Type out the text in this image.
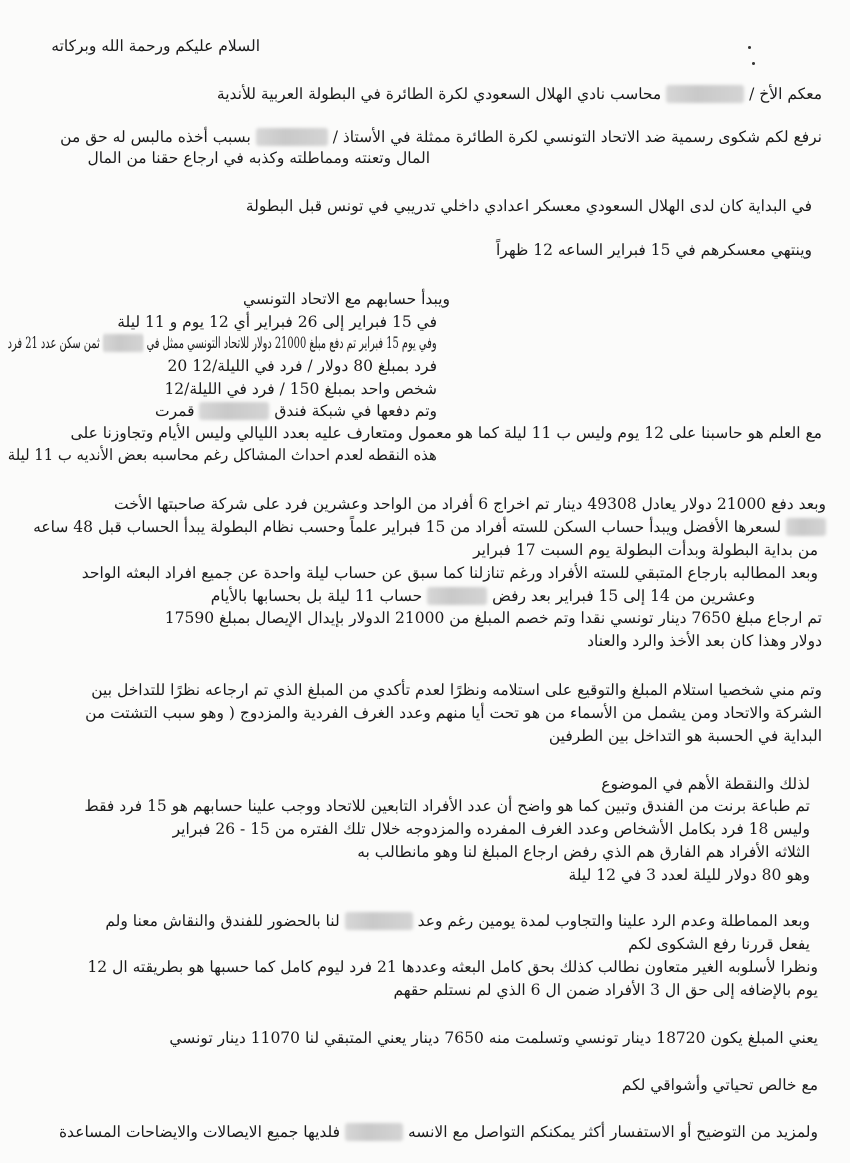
السلام عليكم ورحمة الله وبركاته
معكم الأخ /  محاسب نادي الهلال السعودي لكرة الطائرة في البطولة العربية للأندية
نرفع لكم شكوى رسمية ضد الاتحاد التونسي لكرة الطائرة ممثلة في الأستاذ /  بسبب أخذه مالبس له حق من
المال وتعنته ومماطلته وكذبه في ارجاع حقنا من المال
في البداية كان لدى الهلال السعودي معسكر اعدادي داخلي تدريبي في تونس قبل البطولة
وينتهي معسكرهم في 15 فبراير الساعه 12 ظهراً
ويبدأ حسابهم مع الاتحاد التونسي
في 15 فبراير إلى 26 فبراير أي 12 يوم و 11 ليلة
وفي يوم 15 فبراير تم دفع مبلغ 21000 دولار للاتحاد التونسي ممثل في  ثمن سكن عدد 21 فرد
فرد بمبلغ 80 دولار / فرد في الليلة/12 20
شخص واحد بمبلغ 150 / فرد في الليلة/12
وتم دفعها في شبكة فندق  قمرت
مع العلم هو حاسبنا على 12 يوم وليس ب 11 ليلة كما هو معمول ومتعارف عليه بعدد الليالي وليس الأيام وتجاوزنا على
هذه النقطه لعدم احداث المشاكل رغم محاسبه بعض الأنديه ب 11 ليلة
وبعد دفع 21000 دولار يعادل 49308 دينار تم اخراج 6 أفراد من الواحد وعشرين فرد على شركة صاحبتها الأخت
لسعرها الأفضل ويبدأ حساب السكن للسته أفراد من 15 فبراير علماً وحسب نظام البطولة يبدأ الحساب قبل 48 ساعه
من بداية البطولة وبدأت البطولة يوم السبت 17 فبراير
وبعد المطالبه بارجاع المتبقي للسته الأفراد ورغم تنازلنا كما سبق عن حساب ليلة واحدة عن جميع افراد البعثه الواحد
وعشرين من 14 إلى 15 فبراير بعد رفض  حساب 11 ليلة بل بحسابها بالأيام
تم ارجاع مبلغ 7650 دينار تونسي نقدا وتم خصم المبلغ من 21000 الدولار بإيدال الإيصال بمبلغ 17590
دولار وهذا كان بعد الأخذ والرد والعناد
وتم مني شخصيا استلام المبلغ والتوقيع على استلامه ونظرًا لعدم تأكدي من المبلغ الذي تم ارجاعه نظرًا للتداخل بين
الشركة والاتحاد ومن يشمل من الأسماء من هو تحت أيا منهم وعدد الغرف الفردية والمزدوج ( وهو سبب التشتت من
البداية في الحسبة هو التداخل بين الطرفين
لذلك والنقطة الأهم في الموضوع
تم طباعة برنت من الفندق وتبين كما هو واضح أن عدد الأفراد التابعين للاتحاد ووجب علينا حسابهم هو 15 فرد فقط
وليس 18 فرد بكامل الأشخاص وعدد الغرف المفرده والمزدوجه خلال تلك الفتره من 15 - 26 فبراير
الثلاثه الأفراد هم الفارق هم الذي رفض ارجاع المبلغ لنا وهو مانطالب به
وهو 80 دولار لليلة لعدد 3 في 12 ليلة
وبعد المماطلة وعدم الرد علينا والتجاوب لمدة يومين رغم وعد  لنا بالحضور للفندق والنقاش معنا ولم
يفعل قررنا رفع الشكوى لكم
ونظرا لأسلوبه الغير متعاون نطالب كذلك بحق كامل البعثه وعددها 21 فرد ليوم كامل كما حسبها هو بطريقته ال 12
يوم بالإضافه إلى حق ال 3 الأفراد ضمن ال 6 الذي لم نستلم حقهم
يعني المبلغ يكون 18720 دينار تونسي وتسلمت منه 7650 دينار يعني المتبقي لنا 11070 دينار تونسي
مع خالص تحياتي وأشواقي لكم
ولمزيد من التوضيح أو الاستفسار أكثر يمكنكم التواصل مع الانسه  فلديها جميع الايصالات والايضاحات المساعدة
